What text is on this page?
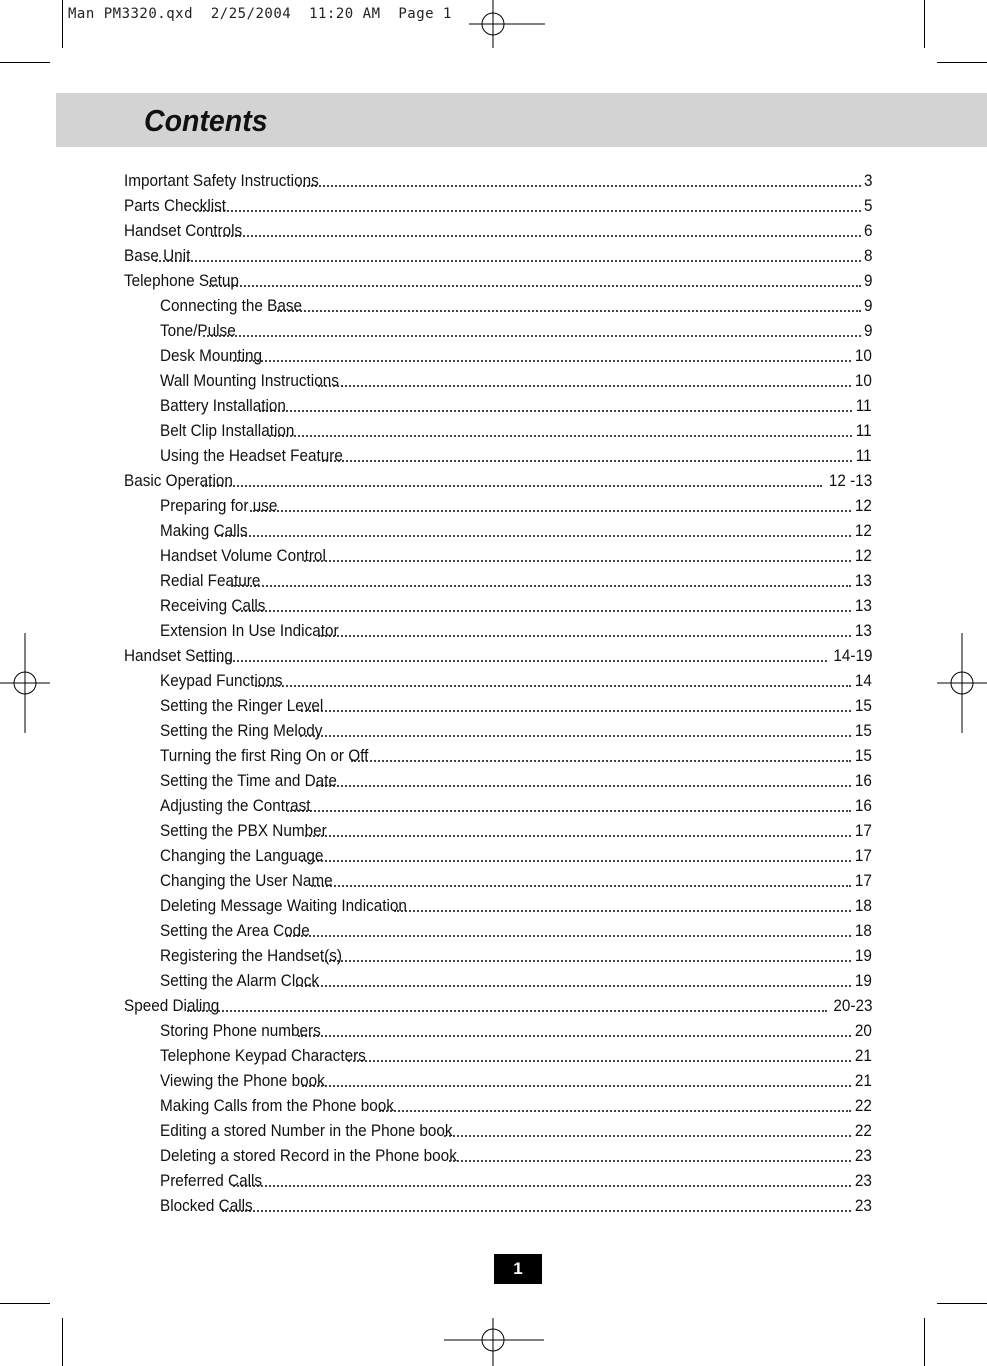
Man PM3320.qxd  2/25/2004  11:20 AM  Page 1
Contents
Important Safety Instructions	3
Parts Checklist	5
Handset Controls	6
Base Unit	8
Telephone Setup	9
Connecting the Base	9
Tone/Pulse	9
Desk Mounting	10
Wall Mounting Instructions	10
Battery Installation	11
Belt Clip Installation	11
Using the Headset Feature	11
Basic Operation	12 -13
Preparing for use	12
Making Calls	12
Handset Volume Control	12
Redial Feature	13
Receiving Calls	13
Extension In Use Indicator	13
Handset Setting	14-19
Keypad Functions	14
Setting the Ringer Level	15
Setting the Ring Melody	15
Turning the first Ring On or Off	15
Setting the Time and Date	16
Adjusting the Contrast	16
Setting the PBX Number	17
Changing the Language	17
Changing the User Name	17
Deleting Message Waiting Indication	18
Setting the Area Code	18
Registering the Handset(s)	19
Setting the Alarm Clock	19
Speed Dialing	20-23
Storing Phone numbers	20
Telephone Keypad Characters	21
Viewing the Phone book	21
Making Calls from the Phone book	22
Editing a stored Number in the Phone book	22
Deleting a stored Record in the Phone book	23
Preferred Calls	23
Blocked Calls	23
1
